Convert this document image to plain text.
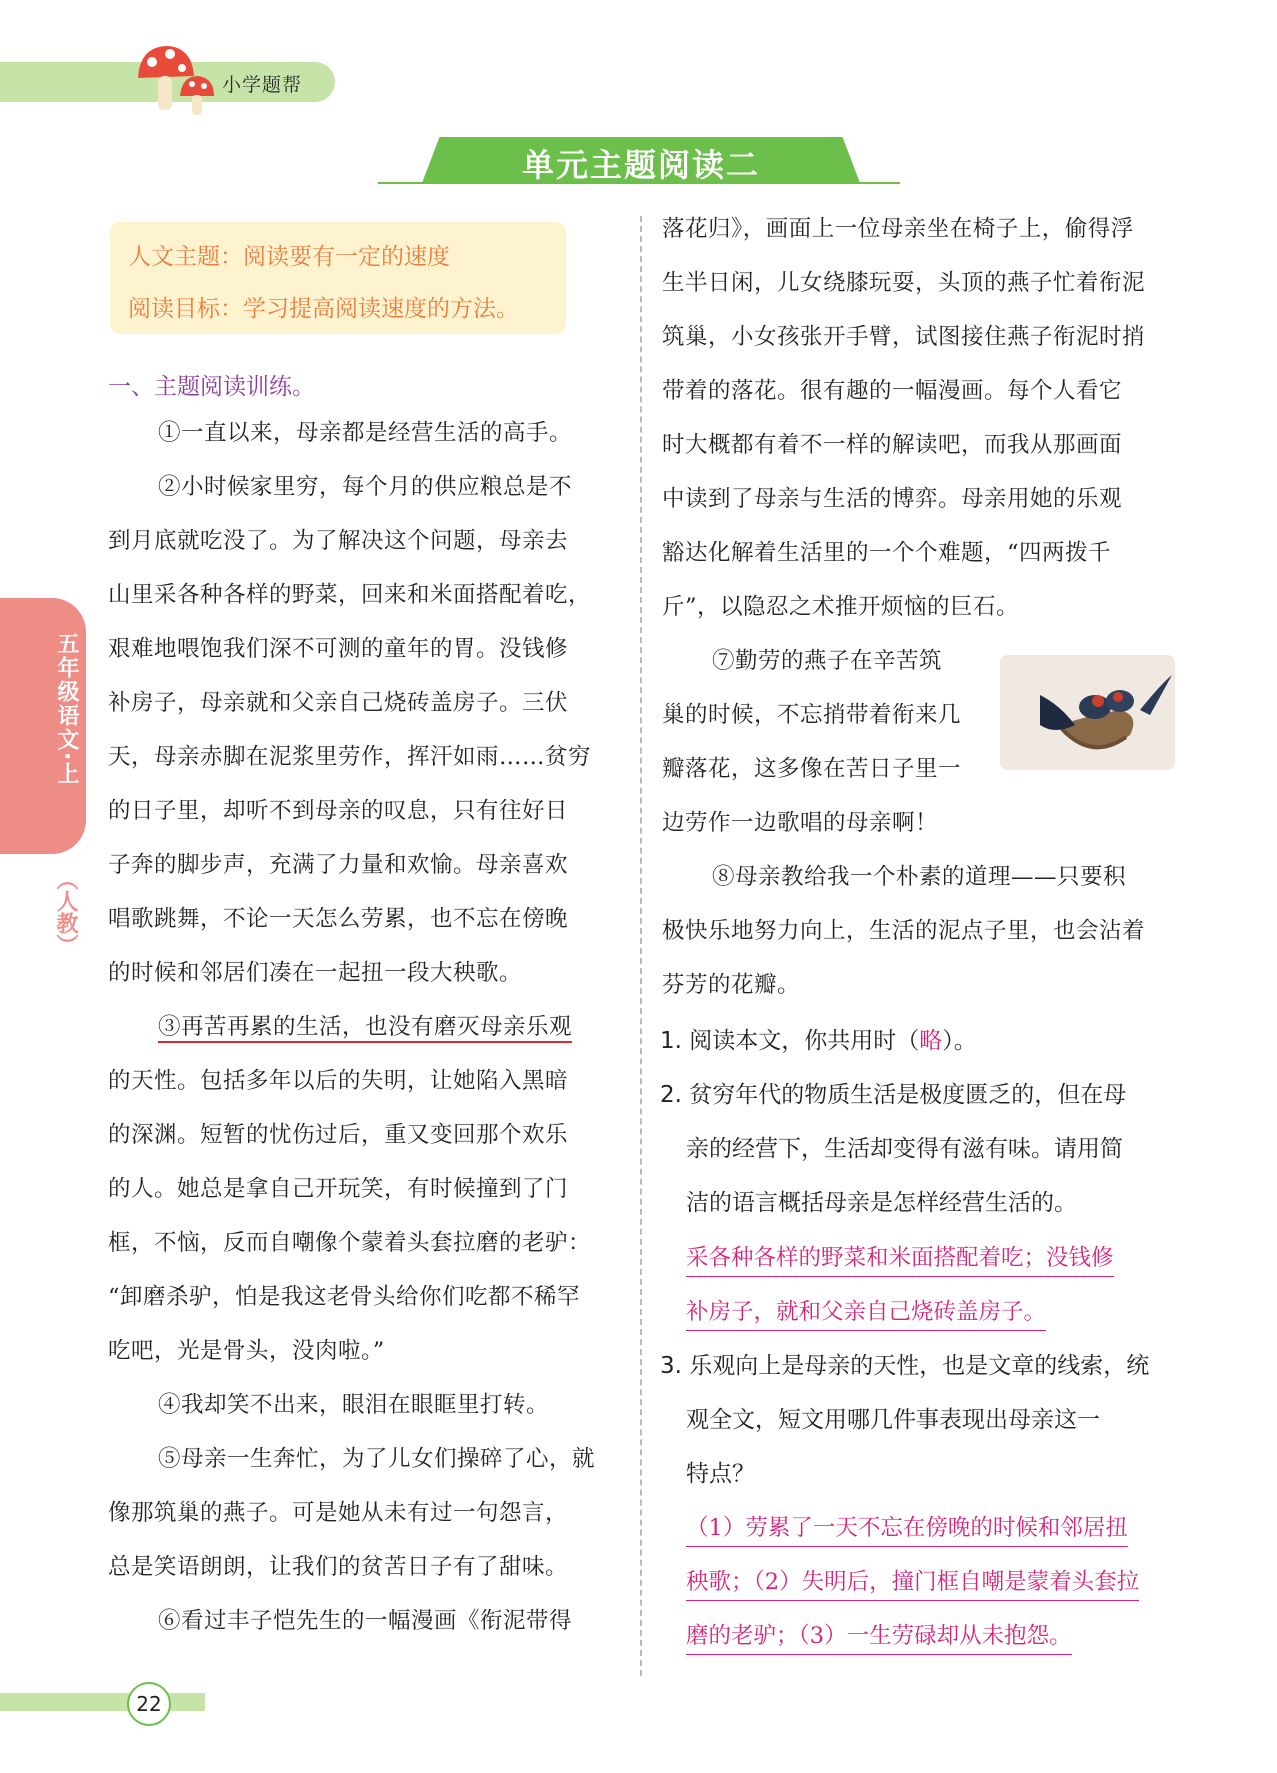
小学题帮
单元主题阅读二
人文主题：阅读要有一定的速度
阅读目标：学习提高阅读速度的方法。
五年级语文·上
（人教）
一、主题阅读训练。
①一直以来，母亲都是经营生活的高手。
②小时候家里穷，每个月的供应粮总是不
到月底就吃没了。为了解决这个问题，母亲去
山里采各种各样的野菜，回来和米面搭配着吃，
艰难地喂饱我们深不可测的童年的胃。没钱修
补房子，母亲就和父亲自己烧砖盖房子。三伏
天，母亲赤脚在泥浆里劳作，挥汗如雨……贫穷
的日子里，却听不到母亲的叹息，只有往好日
子奔的脚步声，充满了力量和欢愉。母亲喜欢
唱歌跳舞，不论一天怎么劳累，也不忘在傍晚
的时候和邻居们凑在一起扭一段大秧歌。
③再苦再累的生活，也没有磨灭母亲乐观
的天性。包括多年以后的失明，让她陷入黑暗
的深渊。短暂的忧伤过后，重又变回那个欢乐
的人。她总是拿自己开玩笑，有时候撞到了门
框，不恼，反而自嘲像个蒙着头套拉磨的老驴：
“卸磨杀驴，怕是我这老骨头给你们吃都不稀罕
吃吧，光是骨头，没肉啦。”
④我却笑不出来，眼泪在眼眶里打转。
⑤母亲一生奔忙，为了儿女们操碎了心，就
像那筑巢的燕子。可是她从未有过一句怨言，
总是笑语朗朗，让我们的贫苦日子有了甜味。
⑥看过丰子恺先生的一幅漫画《衔泥带得
落花归》，画面上一位母亲坐在椅子上，偷得浮
生半日闲，儿女绕膝玩耍，头顶的燕子忙着衔泥
筑巢，小女孩张开手臂，试图接住燕子衔泥时捎
带着的落花。很有趣的一幅漫画。每个人看它
时大概都有着不一样的解读吧，而我从那画面
中读到了母亲与生活的博弈。母亲用她的乐观
豁达化解着生活里的一个个难题，“四两拨千
斤”，以隐忍之术推开烦恼的巨石。
⑦勤劳的燕子在辛苦筑
巢的时候，不忘捎带着衔来几
瓣落花，这多像在苦日子里一
边劳作一边歌唱的母亲啊！
⑧母亲教给我一个朴素的道理——只要积
极快乐地努力向上，生活的泥点子里，也会沾着
芬芳的花瓣。
1. 阅读本文，你共用时（略）。
2. 贫穷年代的物质生活是极度匮乏的，但在母
亲的经营下，生活却变得有滋有味。请用简
洁的语言概括母亲是怎样经营生活的。
采各种各样的野菜和米面搭配着吃；没钱修
补房子，就和父亲自己烧砖盖房子。
3. 乐观向上是母亲的天性，也是文章的线索，统
观全文，短文用哪几件事表现出母亲这一
特点？
（1）劳累了一天不忘在傍晚的时候和邻居扭
秧歌；（2）失明后，撞门框自嘲是蒙着头套拉
磨的老驴；（3）一生劳碌却从未抱怨。
22
